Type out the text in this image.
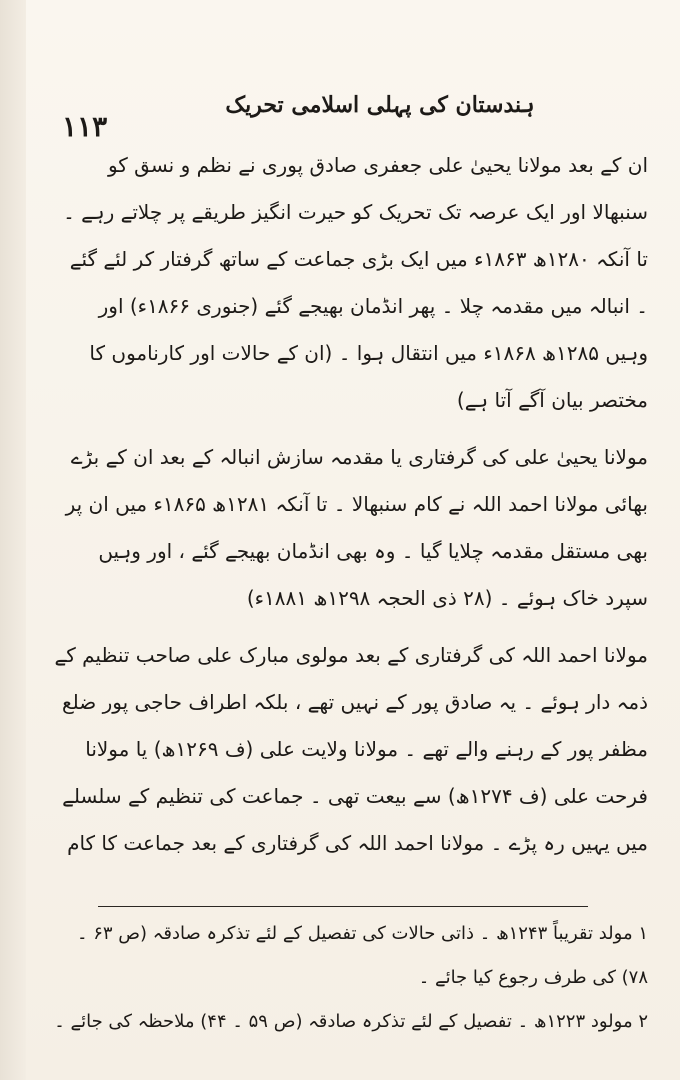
ہندستان کی پہلی اسلامی تحریک
۱۱۳

ان کے بعد مولانا یحییٰ علی جعفری صادق پوری نے نظم و نسق کو سنبھالا اور ایک عرصہ تک تحریک کو حیرت انگیز طریقے پر چلاتے رہے ۔ تا آنکہ ۱۲۸۰ھ ۱۸۶۳ء میں ایک بڑی جماعت کے ساتھ گرفتار کر لئے گئے ۔ انبالہ میں مقدمہ چلا ۔ پھر انڈمان بھیجے گئے (جنوری ۱۸۶۶ء) اور وہیں ۱۲۸۵ھ ۱۸۶۸ء میں انتقال ہوا ۔ (ان کے حالات اور کارناموں کا مختصر بیان آگے آتا ہے)

مولانا یحییٰ علی کی گرفتاری یا مقدمہ سازش انبالہ کے بعد ان کے بڑے بھائی مولانا احمد اللہ نے کام سنبھالا ۔ تا آنکہ ۱۲۸۱ھ ۱۸۶۵ء میں ان پر بھی مستقل مقدمہ چلایا گیا ۔ وہ بھی انڈمان بھیجے گئے ، اور وہیں سپرد خاک ہوئے ۔ (۲۸ ذی الحجہ ۱۲۹۸ھ ۱۸۸۱ء)

مولانا احمد اللہ کی گرفتاری کے بعد مولوی مبارک علی صاحب تنظیم کے ذمہ دار ہوئے ۔ یہ صادق پور کے نہیں تھے ، بلکہ اطراف حاجی پور ضلع مظفر پور کے رہنے والے تھے ۔ مولانا ولایت علی (ف ۱۲۶۹ھ) یا مولانا فرحت علی (ف ۱۲۷۴ھ) سے بیعت تھی ۔ جماعت کی تنظیم کے سلسلے میں یہیں رہ پڑے ۔ مولانا احمد اللہ کی گرفتاری کے بعد جماعت کا کام

۱ مولد تقریباً ۱۲۴۳ھ ۔ ذاتی حالات کی تفصیل کے لئے تذکرہ صادقہ (ص ۶۳ ۔ ۷۸) کی طرف رجوع کیا جائے ۔

۲ مولود ۱۲۲۳ھ ۔ تفصیل کے لئے تذکرہ صادقہ (ص ۵۹ ۔ ۴۴) ملاحظہ کی جائے ۔
